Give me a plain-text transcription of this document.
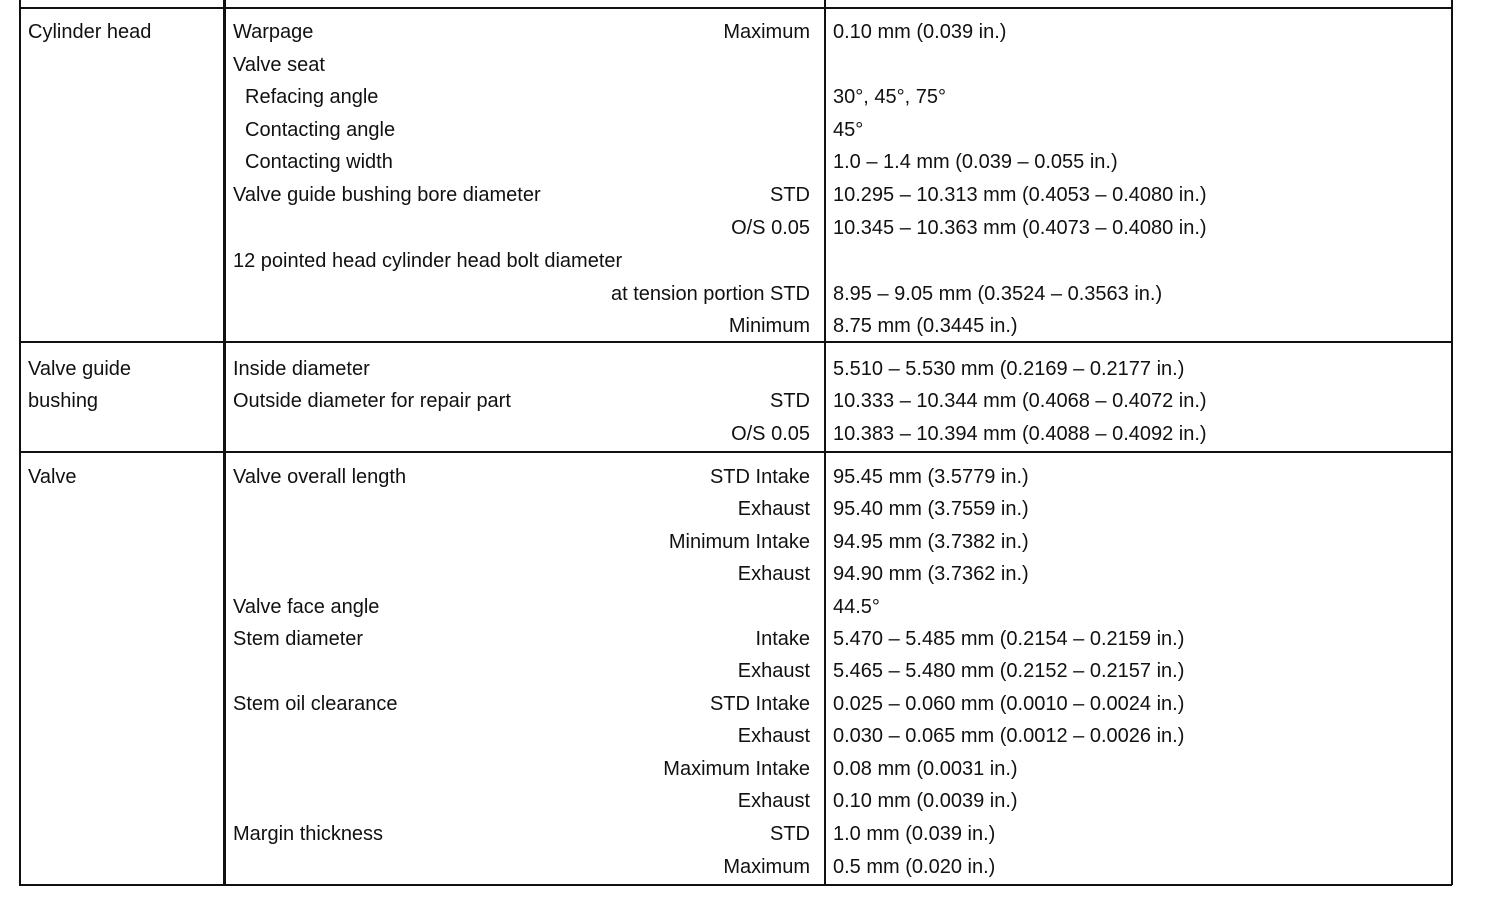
Cylinder head	Warpage	Maximum 0.10 mm (0.039 in.)
Valve seat
Refacing angle	30°, 45°, 75°
Contacting angle	45°
Contacting width	1.0 – 1.4 mm (0.039 – 0.055 in.)
Valve guide bushing bore diameter	STD 10.295 – 10.313 mm (0.4053 – 0.4080 in.)
O/S 0.05 10.345 – 10.363 mm (0.4073 – 0.4080 in.)
12 pointed head cylinder head bolt diameter
at tension portion STD 8.95 – 9.05 mm (0.3524 – 0.3563 in.)
Minimum 8.75 mm (0.3445 in.)
Valve guide
bushing
Inside diameter	5.510 – 5.530 mm (0.2169 – 0.2177 in.)
Outside diameter for repair part	STD 10.333 – 10.344 mm (0.4068 – 0.4072 in.)
O/S 0.05 10.383 – 10.394 mm (0.4088 – 0.4092 in.)
Valve	Valve overall length	STD Intake 95.45 mm (3.5779 in.)
Exhaust 95.40 mm (3.7559 in.)
Minimum Intake 94.95 mm (3.7382 in.)
Exhaust 94.90 mm (3.7362 in.)
Valve face angle	44.5°
Stem diameter	Intake 5.470 – 5.485 mm (0.2154 – 0.2159 in.)
Exhaust 5.465 – 5.480 mm (0.2152 – 0.2157 in.)
Stem oil clearance	STD Intake 0.025 – 0.060 mm (0.0010 – 0.0024 in.)
Exhaust 0.030 – 0.065 mm (0.0012 – 0.0026 in.)
Maximum Intake 0.08 mm (0.0031 in.)
Exhaust 0.10 mm (0.0039 in.)
Margin thickness	STD 1.0 mm (0.039 in.)
Maximum 0.5 mm (0.020 in.)
